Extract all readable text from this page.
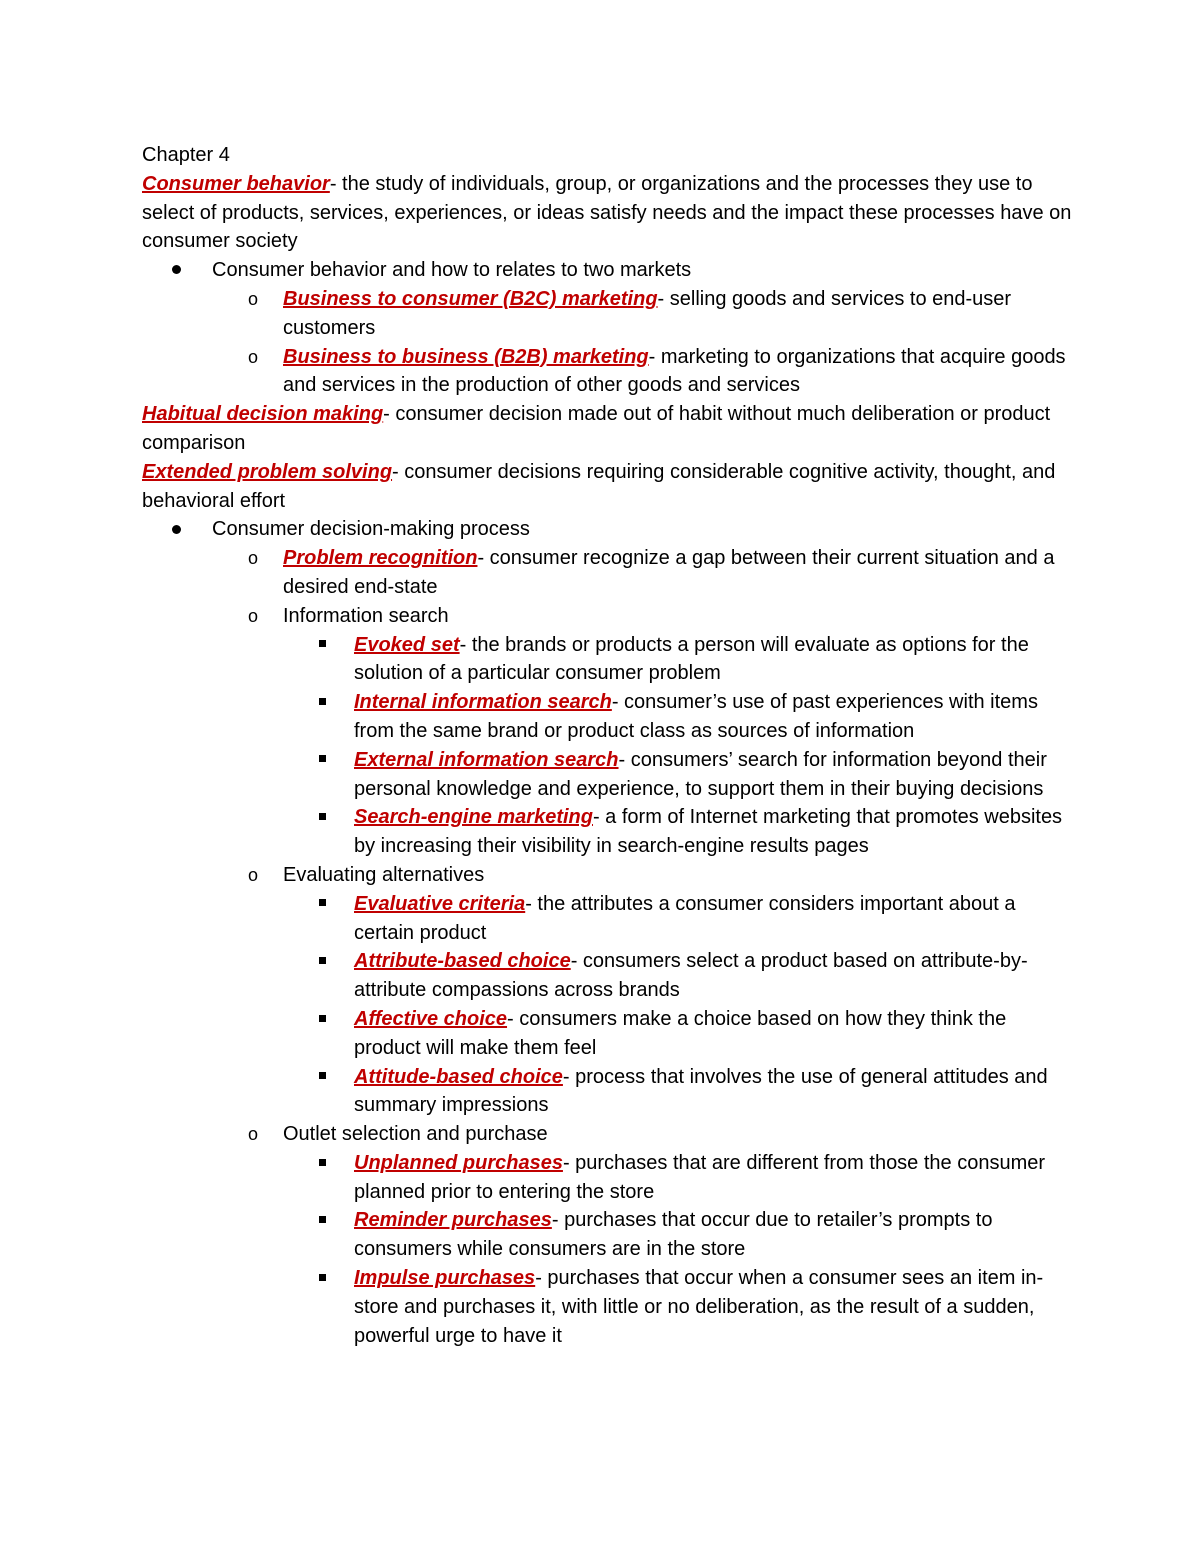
Chapter 4

Consumer behavior- the study of individuals, group, or organizations and the processes they use to select of products, services, experiences, or ideas satisfy needs and the impact these processes have on consumer society

Consumer behavior and how to relates to two markets
o Business to consumer (B2C) marketing- selling goods and services to end-user customers
o Business to business (B2B) marketing- marketing to organizations that acquire goods and services in the production of other goods and services

Habitual decision making- consumer decision made out of habit without much deliberation or product comparison

Extended problem solving- consumer decisions requiring considerable cognitive activity, thought, and behavioral effort

Consumer decision-making process
o Problem recognition- consumer recognize a gap between their current situation and a desired end-state
o Information search
Evoked set- the brands or products a person will evaluate as options for the solution of a particular consumer problem
Internal information search- consumer’s use of past experiences with items from the same brand or product class as sources of information
External information search- consumers’ search for information beyond their personal knowledge and experience, to support them in their buying decisions
Search-engine marketing- a form of Internet marketing that promotes websites by increasing their visibility in search-engine results pages
o Evaluating alternatives
Evaluative criteria- the attributes a consumer considers important about a certain product
Attribute-based choice- consumers select a product based on attribute-by-attribute compassions across brands
Affective choice- consumers make a choice based on how they think the product will make them feel
Attitude-based choice- process that involves the use of general attitudes and summary impressions
o Outlet selection and purchase
Unplanned purchases- purchases that are different from those the consumer planned prior to entering the store
Reminder purchases- purchases that occur due to retailer’s prompts to consumers while consumers are in the store
Impulse purchases- purchases that occur when a consumer sees an item in-store and purchases it, with little or no deliberation, as the result of a sudden, powerful urge to have it
